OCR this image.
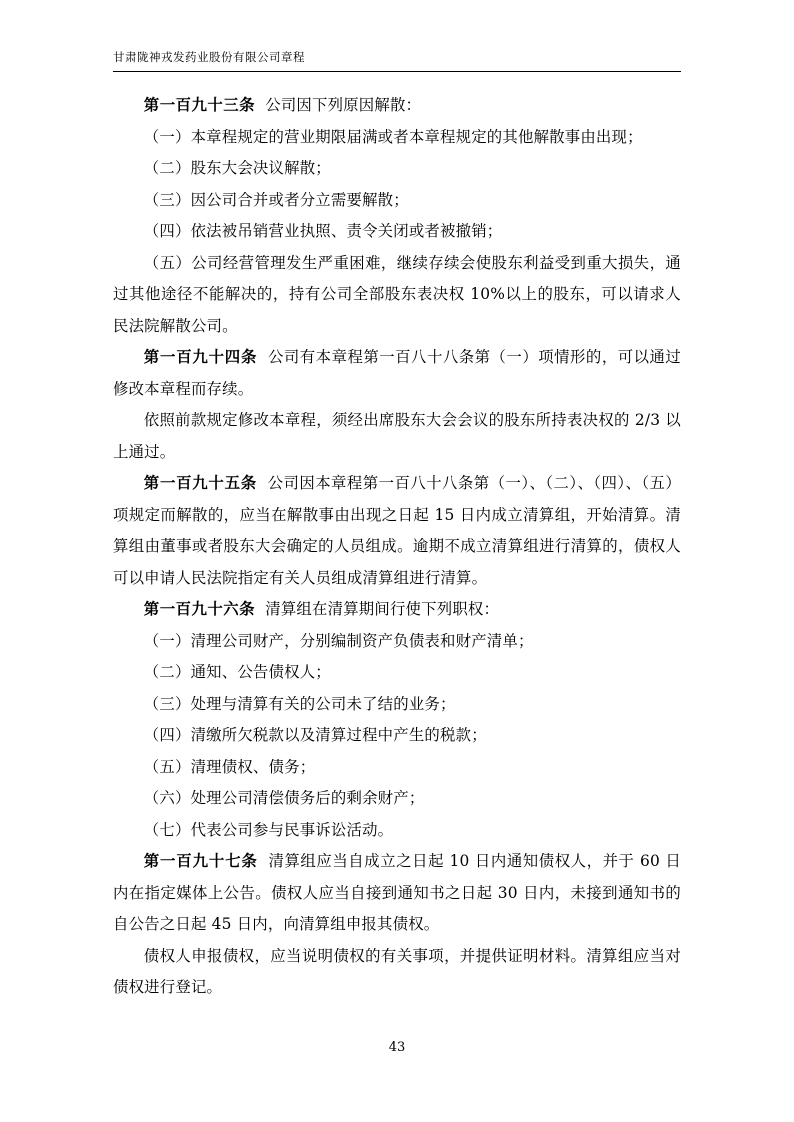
甘肃陇神戎发药业股份有限公司章程

第一百九十三条 公司因下列原因解散：

（一）本章程规定的营业期限届满或者本章程规定的其他解散事由出现；

（二）股东大会决议解散；

（三）因公司合并或者分立需要解散；

（四）依法被吊销营业执照、责令关闭或者被撤销；

（五）公司经营管理发生严重困难，继续存续会使股东利益受到重大损失，通过其他途径不能解决的，持有公司全部股东表决权 10%以上的股东，可以请求人民法院解散公司。

第一百九十四条 公司有本章程第一百八十八条第（一）项情形的，可以通过修改本章程而存续。

依照前款规定修改本章程，须经出席股东大会会议的股东所持表决权的 2/3 以上通过。

第一百九十五条 公司因本章程第一百八十八条第（一）、（二）、（四）、（五）项规定而解散的，应当在解散事由出现之日起 15 日内成立清算组，开始清算。清算组由董事或者股东大会确定的人员组成。逾期不成立清算组进行清算的，债权人可以申请人民法院指定有关人员组成清算组进行清算。

第一百九十六条 清算组在清算期间行使下列职权：

（一）清理公司财产，分别编制资产负债表和财产清单；

（二）通知、公告债权人；

（三）处理与清算有关的公司未了结的业务；

（四）清缴所欠税款以及清算过程中产生的税款；

（五）清理债权、债务；

（六）处理公司清偿债务后的剩余财产；

（七）代表公司参与民事诉讼活动。

第一百九十七条 清算组应当自成立之日起 10 日内通知债权人，并于 60 日内在指定媒体上公告。债权人应当自接到通知书之日起 30 日内，未接到通知书的自公告之日起 45 日内，向清算组申报其债权。

债权人申报债权，应当说明债权的有关事项，并提供证明材料。清算组应当对债权进行登记。

43
